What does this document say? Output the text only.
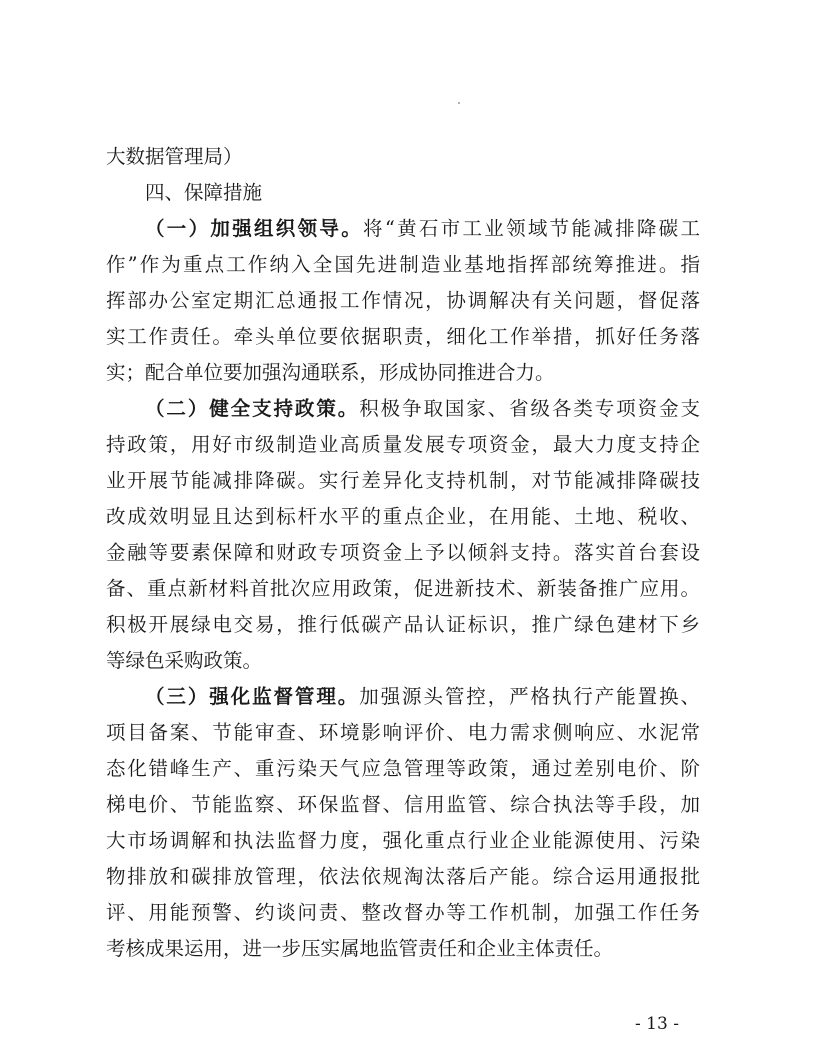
大数据管理局）
四、保障措施
（一）加强组织领导。将“黄石市工业领域节能减排降碳工
作”作为重点工作纳入全国先进制造业基地指挥部统筹推进。指
挥部办公室定期汇总通报工作情况，协调解决有关问题，督促落
实工作责任。牵头单位要依据职责，细化工作举措，抓好任务落
实；配合单位要加强沟通联系，形成协同推进合力。
（二）健全支持政策。积极争取国家、省级各类专项资金支
持政策，用好市级制造业高质量发展专项资金，最大力度支持企
业开展节能减排降碳。实行差异化支持机制，对节能减排降碳技
改成效明显且达到标杆水平的重点企业，在用能、土地、税收、
金融等要素保障和财政专项资金上予以倾斜支持。落实首台套设
备、重点新材料首批次应用政策，促进新技术、新装备推广应用。
积极开展绿电交易，推行低碳产品认证标识，推广绿色建材下乡
等绿色采购政策。
（三）强化监督管理。加强源头管控，严格执行产能置换、
项目备案、节能审查、环境影响评价、电力需求侧响应、水泥常
态化错峰生产、重污染天气应急管理等政策，通过差别电价、阶
梯电价、节能监察、环保监督、信用监管、综合执法等手段，加
大市场调解和执法监督力度，强化重点行业企业能源使用、污染
物排放和碳排放管理，依法依规淘汰落后产能。综合运用通报批
评、用能预警、约谈问责、整改督办等工作机制，加强工作任务
考核成果运用，进一步压实属地监管责任和企业主体责任。
- 13 -
